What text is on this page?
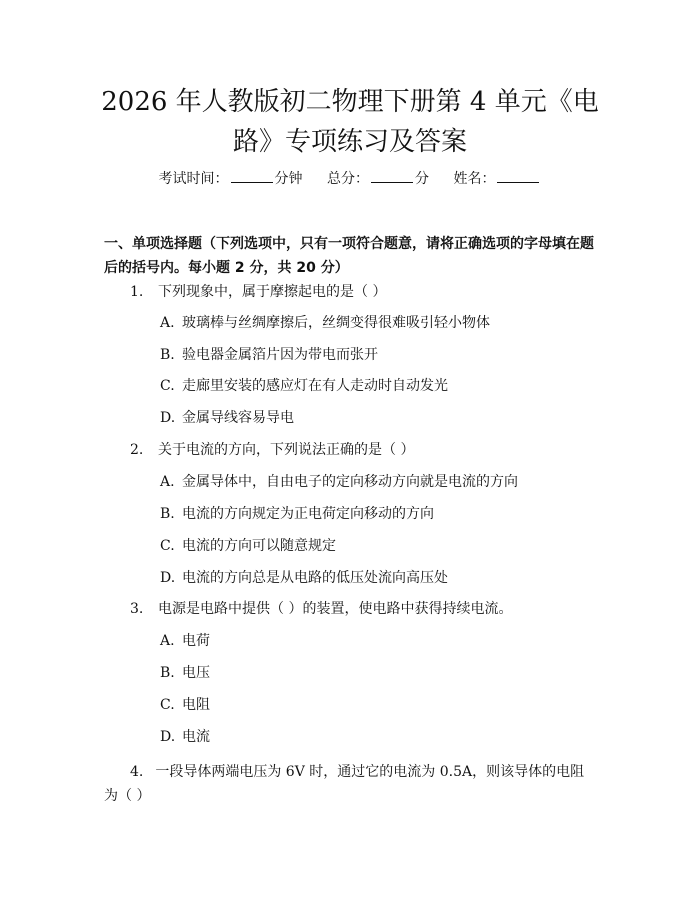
2026 年人教版初二物理下册第 4 单元《电
路》专项练习及答案
考试时间：	分钟 总分：	分 姓名：
一、单项选择题（下列选项中，只有一项符合题意，请将正确选项的字母填在题后的括号内。每小题 2 分，共 20 分）
1.	下列现象中，属于摩擦起电的是（ ）
A. 玻璃棒与丝绸摩擦后，丝绸变得很难吸引轻小物体
B. 验电器金属箔片因为带电而张开
C. 走廊里安装的感应灯在有人走动时自动发光
D. 金属导线容易导电
2.	关于电流的方向，下列说法正确的是（ ）
A. 金属导体中，自由电子的定向移动方向就是电流的方向
B. 电流的方向规定为正电荷定向移动的方向
C. 电流的方向可以随意规定
D. 电流的方向总是从电路的低压处流向高压处
3.	电源是电路中提供（ ）的装置，使电路中获得持续电流。
A. 电荷
B. 电压
C. 电阻
D. 电流
4. 一段导体两端电压为 6V 时，通过它的电流为 0.5A，则该导体的电阻为（ ）
